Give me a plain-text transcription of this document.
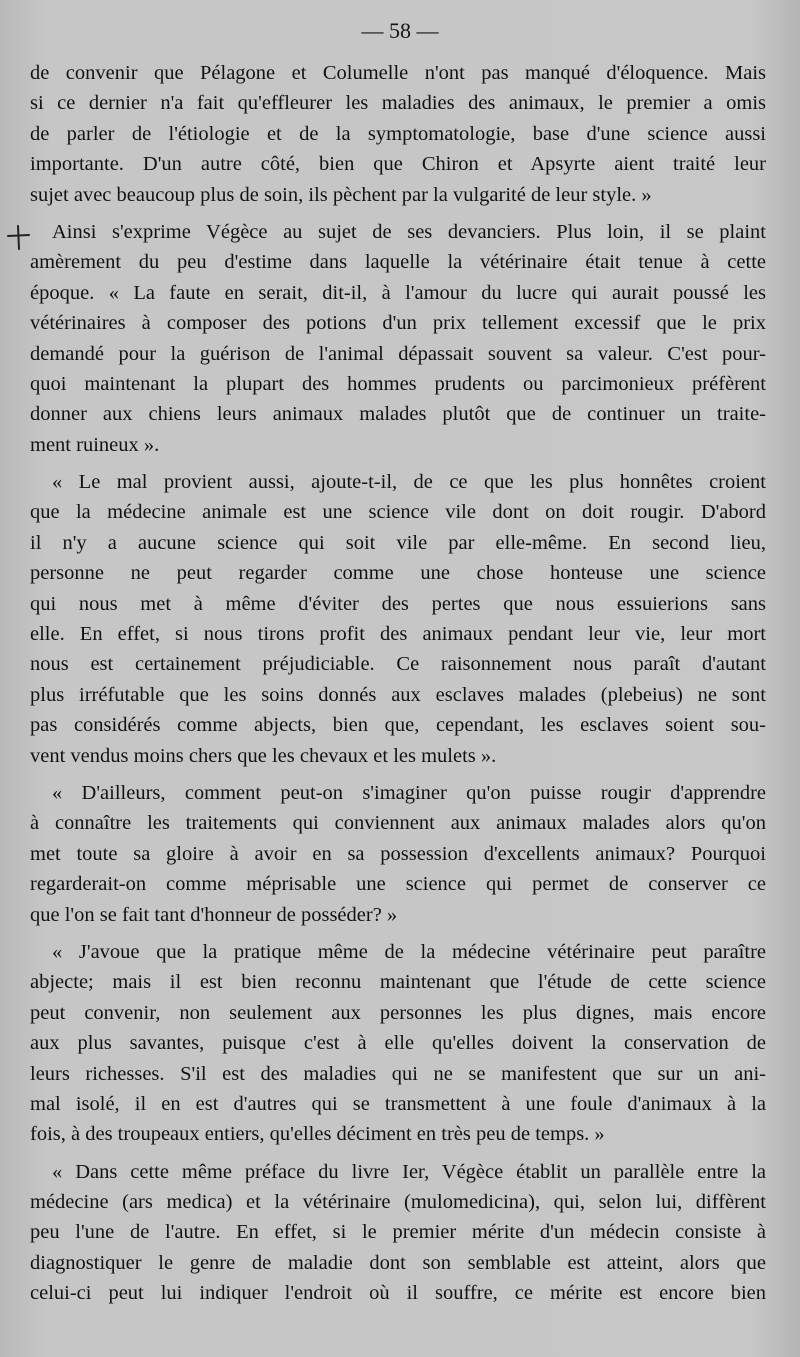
— 58 —
de convenir que Pélagone et Columelle n'ont pas manqué d'éloquence. Mais
si ce dernier n'a fait qu'effleurer les maladies des animaux, le premier a omis
de parler de l'étiologie et de la symptomatologie, base d'une science aussi
importante. D'un autre côté, bien que Chiron et Apsyrte aient traité leur
sujet avec beaucoup plus de soin, ils pèchent par la vulgarité de leur style. »
Ainsi s'exprime Végèce au sujet de ses devanciers. Plus loin, il se plaint
amèrement du peu d'estime dans laquelle la vétérinaire était tenue à cette
époque. « La faute en serait, dit-il, à l'amour du lucre qui aurait poussé les
vétérinaires à composer des potions d'un prix tellement excessif que le prix
demandé pour la guérison de l'animal dépassait souvent sa valeur. C'est pour-
quoi maintenant la plupart des hommes prudents ou parcimonieux préfèrent
donner aux chiens leurs animaux malades plutôt que de continuer un traite-
ment ruineux ».
« Le mal provient aussi, ajoute-t-il, de ce que les plus honnêtes croient
que la médecine animale est une science vile dont on doit rougir. D'abord
il n'y a aucune science qui soit vile par elle-même. En second lieu,
personne ne peut regarder comme une chose honteuse une science
qui nous met à même d'éviter des pertes que nous essuierions sans
elle. En effet, si nous tirons profit des animaux pendant leur vie, leur mort
nous est certainement préjudiciable. Ce raisonnement nous paraît d'autant
plus irréfutable que les soins donnés aux esclaves malades (plebeius) ne sont
pas considérés comme abjects, bien que, cependant, les esclaves soient sou-
vent vendus moins chers que les chevaux et les mulets ».
« D'ailleurs, comment peut-on s'imaginer qu'on puisse rougir d'apprendre
à connaître les traitements qui conviennent aux animaux malades alors qu'on
met toute sa gloire à avoir en sa possession d'excellents animaux? Pourquoi
regarderait-on comme méprisable une science qui permet de conserver ce
que l'on se fait tant d'honneur de posséder? »
« J'avoue que la pratique même de la médecine vétérinaire peut paraître
abjecte; mais il est bien reconnu maintenant que l'étude de cette science
peut convenir, non seulement aux personnes les plus dignes, mais encore
aux plus savantes, puisque c'est à elle qu'elles doivent la conservation de
leurs richesses. S'il est des maladies qui ne se manifestent que sur un ani-
mal isolé, il en est d'autres qui se transmettent à une foule d'animaux à la
fois, à des troupeaux entiers, qu'elles déciment en très peu de temps. »
« Dans cette même préface du livre Ier, Végèce établit un parallèle entre la
médecine (ars medica) et la vétérinaire (mulomedicina), qui, selon lui, diffèrent
peu l'une de l'autre. En effet, si le premier mérite d'un médecin consiste à
diagnostiquer le genre de maladie dont son semblable est atteint, alors que
celui-ci peut lui indiquer l'endroit où il souffre, ce mérite est encore bien
